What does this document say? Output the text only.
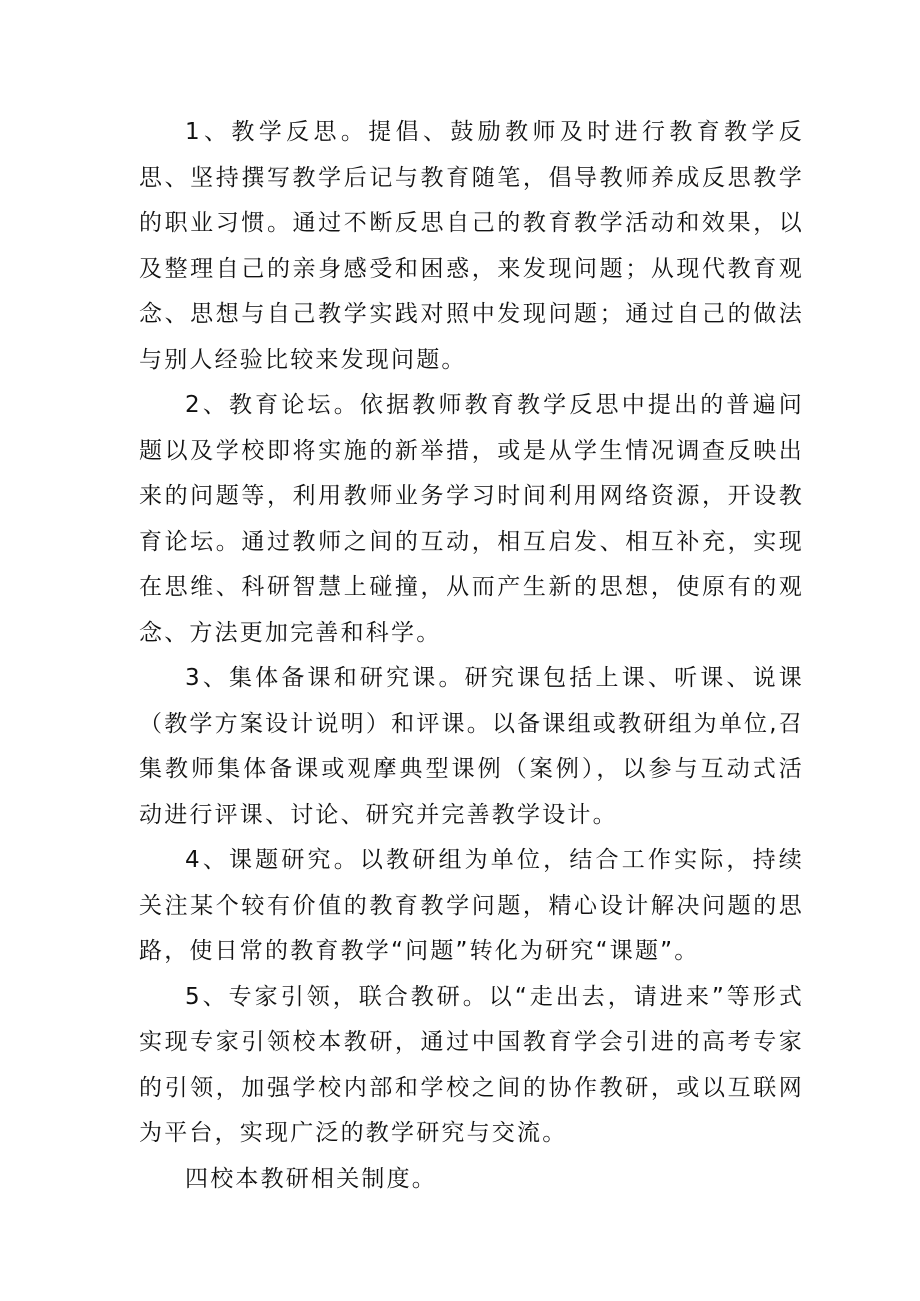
1、教学反思。提倡、鼓励教师及时进行教育教学反思、坚持撰写教学后记与教育随笔，倡导教师养成反思教学的职业习惯。通过不断反思自己的教育教学活动和效果，以及整理自己的亲身感受和困惑，来发现问题；从现代教育观念、思想与自己教学实践对照中发现问题；通过自己的做法与别人经验比较来发现问题。

2、教育论坛。依据教师教育教学反思中提出的普遍问题以及学校即将实施的新举措，或是从学生情况调查反映出来的问题等，利用教师业务学习时间利用网络资源，开设教育论坛。通过教师之间的互动，相互启发、相互补充，实现在思维、科研智慧上碰撞，从而产生新的思想，使原有的观念、方法更加完善和科学。

3、集体备课和研究课。研究课包括上课、听课、说课（教学方案设计说明）和评课。以备课组或教研组为单位,召集教师集体备课或观摩典型课例（案例），以参与互动式活动进行评课、讨论、研究并完善教学设计。

4、课题研究。以教研组为单位，结合工作实际，持续关注某个较有价值的教育教学问题，精心设计解决问题的思路，使日常的教育教学“问题”转化为研究“课题”。

5、专家引领，联合教研。以“走出去，请进来”等形式实现专家引领校本教研，通过中国教育学会引进的高考专家的引领，加强学校内部和学校之间的协作教研，或以互联网为平台，实现广泛的教学研究与交流。

四校本教研相关制度。
